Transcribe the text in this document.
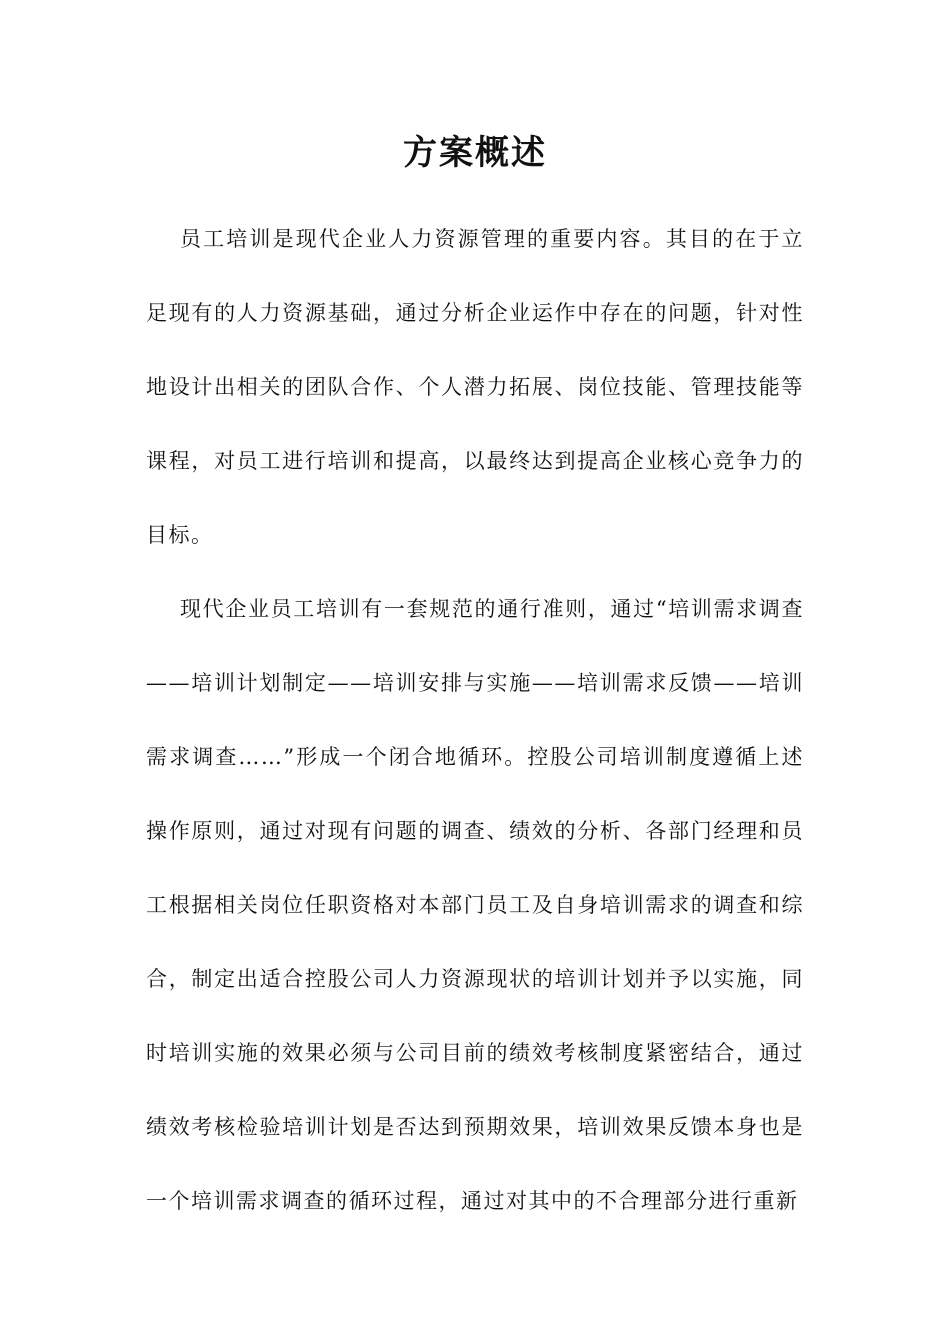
方案概述

员工培训是现代企业人力资源管理的重要内容。其目的在于立足现有的人力资源基础，通过分析企业运作中存在的问题，针对性地设计出相关的团队合作、个人潜力拓展、岗位技能、管理技能等课程，对员工进行培训和提高，以最终达到提高企业核心竞争力的目标。

现代企业员工培训有一套规范的通行准则，通过“培训需求调查——培训计划制定——培训安排与实施——培训需求反馈——培训需求调查……”形成一个闭合地循环。控股公司培训制度遵循上述操作原则，通过对现有问题的调查、绩效的分析、各部门经理和员工根据相关岗位任职资格对本部门员工及自身培训需求的调查和综合，制定出适合控股公司人力资源现状的培训计划并予以实施，同时培训实施的效果必须与公司目前的绩效考核制度紧密结合，通过绩效考核检验培训计划是否达到预期效果，培训效果反馈本身也是一个培训需求调查的循环过程，通过对其中的不合理部分进行重新
